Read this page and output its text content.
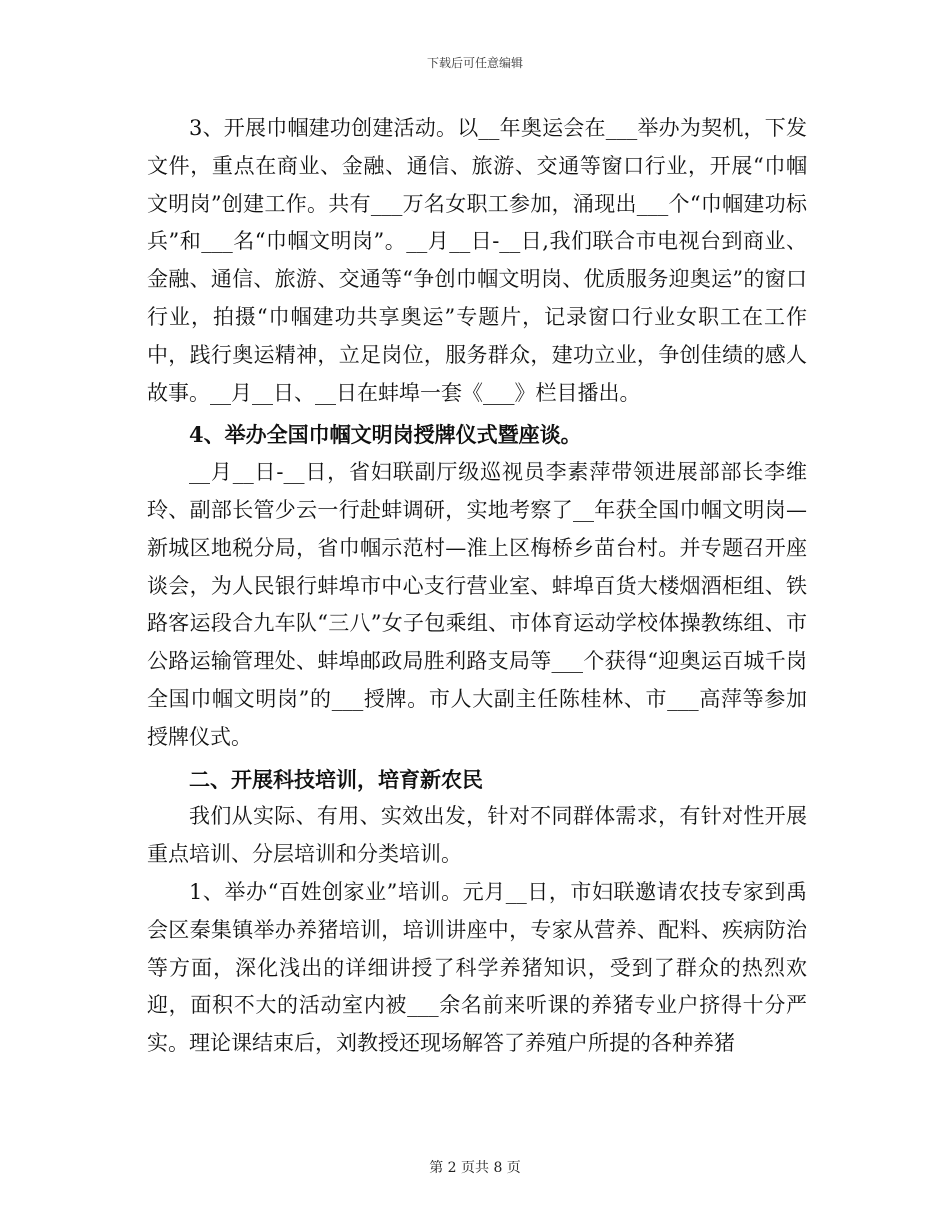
下载后可任意编辑

3、开展巾帼建功创建活动。以__年奥运会在___举办为契机，下发文件，重点在商业、金融、通信、旅游、交通等窗口行业，开展“巾帼文明岗”创建工作。共有___万名女职工参加，涌现出___个“巾帼建功标兵”和___名“巾帼文明岗”。__月__日-__日,我们联合市电视台到商业、金融、通信、旅游、交通等“争创巾帼文明岗、优质服务迎奥运”的窗口行业，拍摄“巾帼建功共享奥运”专题片，记录窗口行业女职工在工作中，践行奥运精神，立足岗位，服务群众，建功立业，争创佳绩的感人故事。__月__日、__日在蚌埠一套《___》栏目播出。

4、举办全国巾帼文明岗授牌仪式暨座谈。

__月__日-__日，省妇联副厅级巡视员李素萍带领进展部部长李维玲、副部长管少云一行赴蚌调研，实地考察了__年获全国巾帼文明岗—新城区地税分局，省巾帼示范村—淮上区梅桥乡苗台村。并专题召开座谈会，为人民银行蚌埠市中心支行营业室、蚌埠百货大楼烟酒柜组、铁路客运段合九车队“三八”女子包乘组、市体育运动学校体操教练组、市公路运输管理处、蚌埠邮政局胜利路支局等___个获得“迎奥运百城千岗全国巾帼文明岗”的___授牌。市人大副主任陈桂林、市___高萍等参加授牌仪式。

二、开展科技培训，培育新农民

我们从实际、有用、实效出发，针对不同群体需求，有针对性开展重点培训、分层培训和分类培训。

1、举办“百姓创家业”培训。元月__日，市妇联邀请农技专家到禹会区秦集镇举办养猪培训，培训讲座中，专家从营养、配料、疾病防治等方面，深化浅出的详细讲授了科学养猪知识，受到了群众的热烈欢迎，面积不大的活动室内被___余名前来听课的养猪专业户挤得十分严实。理论课结束后，刘教授还现场解答了养殖户所提的各种养猪

第 2 页共 8 页
